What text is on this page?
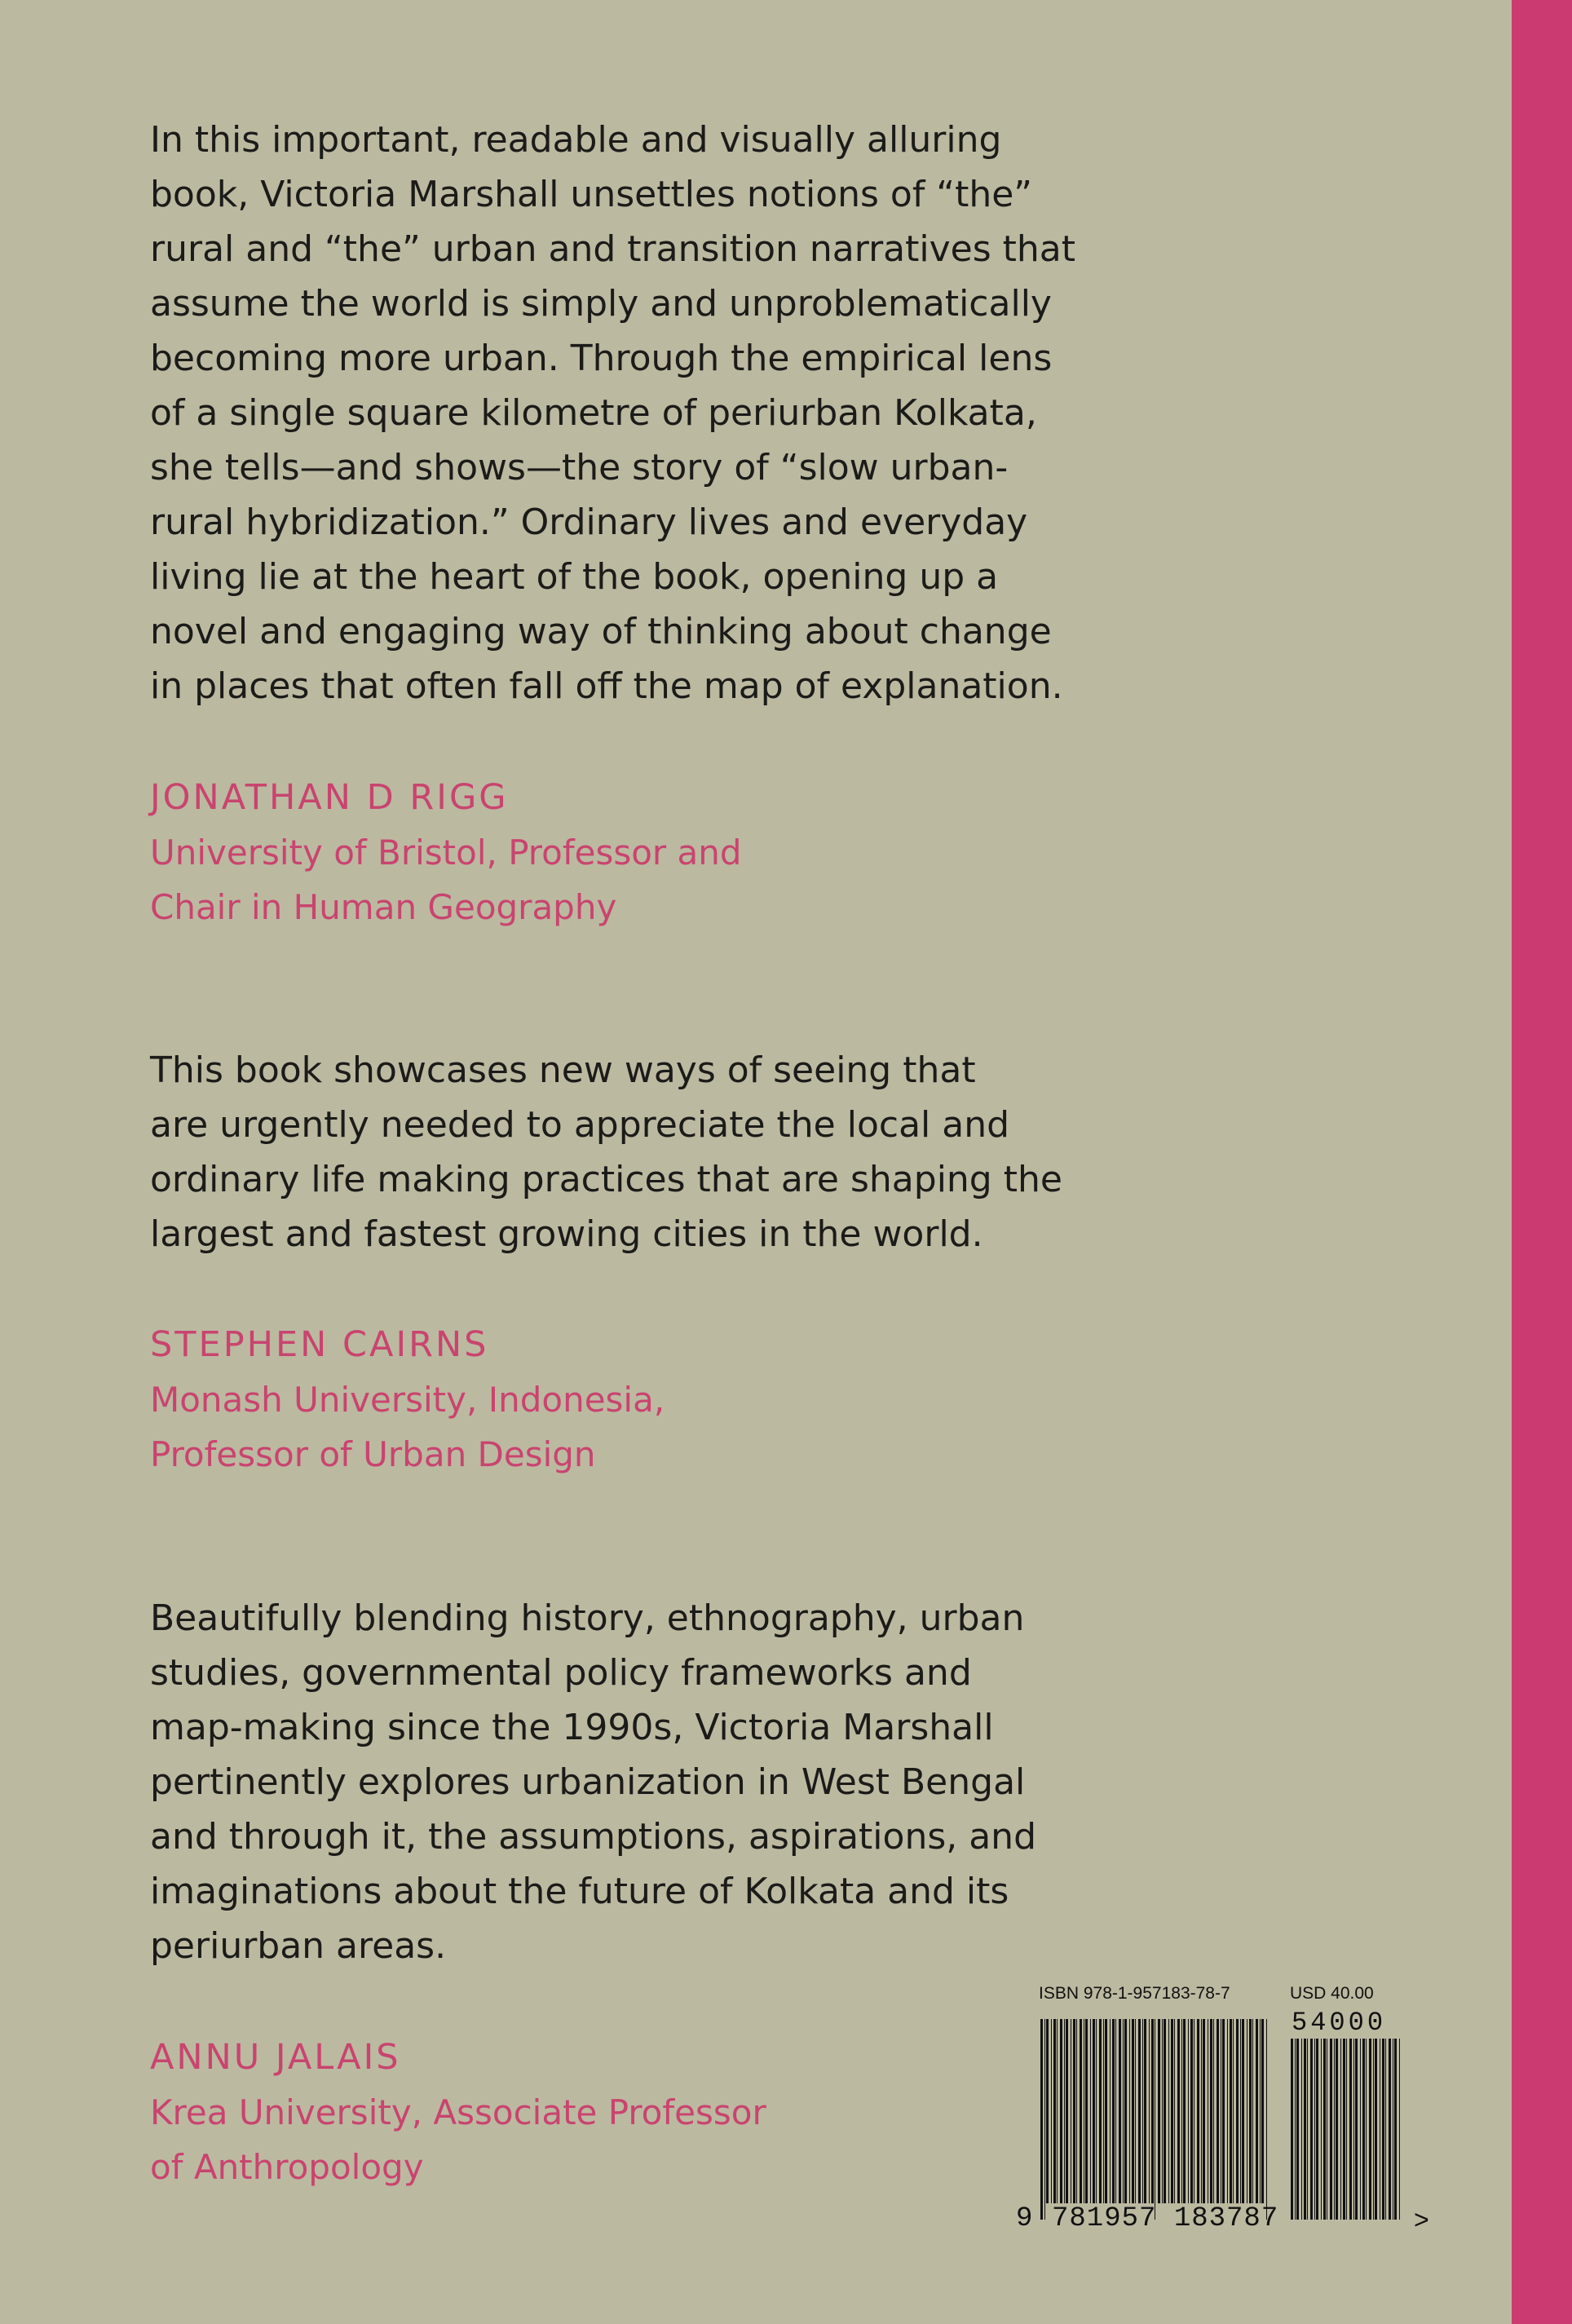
In this important, readable and visually alluring
book, Victoria Marshall unsettles notions of “the”
rural and “the” urban and transition narratives that
assume the world is simply and unproblematically
becoming more urban. Through the empirical lens
of a single square kilometre of periurban Kolkata,
she tells—and shows—the story of “slow urban-
rural hybridization.” Ordinary lives and everyday
living lie at the heart of the book, opening up a
novel and engaging way of thinking about change
in places that often fall off the map of explanation.
JONATHAN D RIGG
University of Bristol, Professor and
Chair in Human Geography
This book showcases new ways of seeing that
are urgently needed to appreciate the local and
ordinary life making practices that are shaping the
largest and fastest growing cities in the world.
STEPHEN CAIRNS
Monash University, Indonesia,
Professor of Urban Design
Beautifully blending history, ethnography, urban
studies, governmental policy frameworks and
map-making since the 1990s, Victoria Marshall
pertinently explores urbanization in West Bengal
and through it, the assumptions, aspirations, and
imaginations about the future of Kolkata and its
periurban areas.
ANNU JALAIS
Krea University, Associate Professor
of Anthropology
ISBN 978-1-957183-78-7	USD 40.00
54000
9 781957 183787	>
